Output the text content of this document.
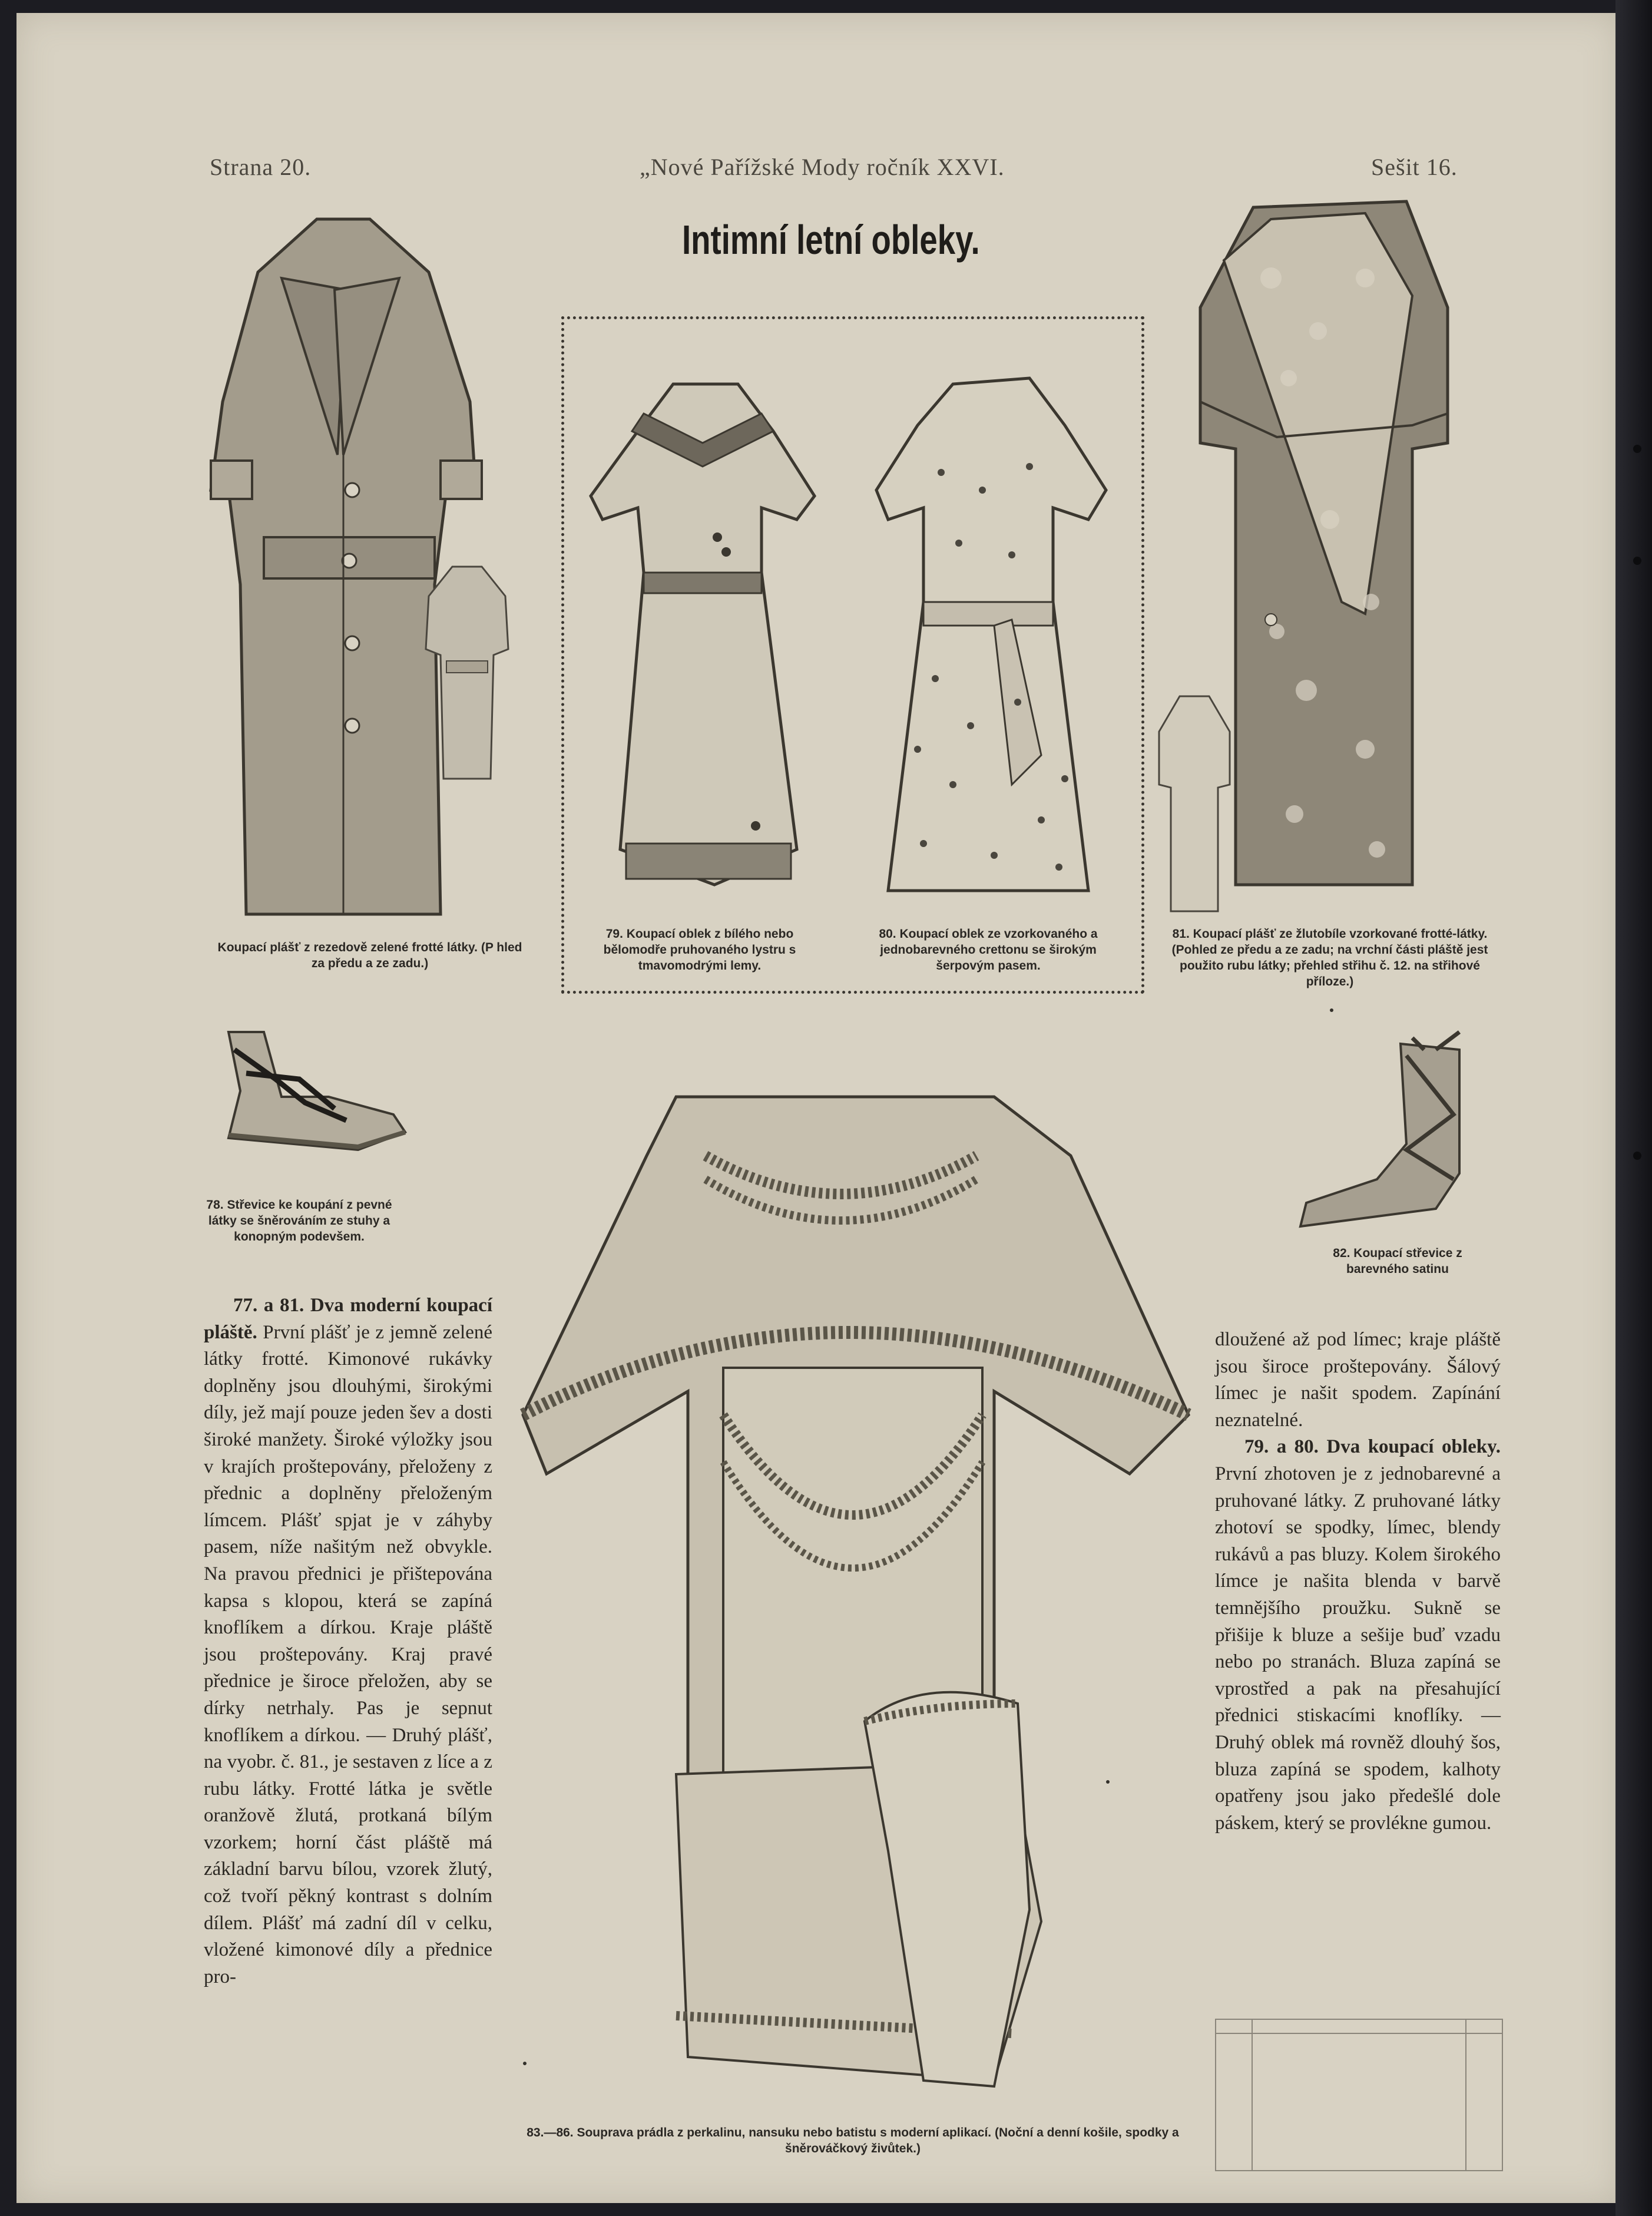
Strana 20.	„Nové Pařížské Mody ročník XXVI.	Sešit 16.
Intimní letní obleky.
Koupací plášť z rezedově zelené frotté látky. (P hled za předu a ze zadu.)
79. Koupací oblek z bílého nebo bělomodře pruhovaného lystru s tmavomodrými lemy.
80. Koupací oblek ze vzorkovaného a jednobarevného crettonu se širokým šerpovým pasem.
81. Koupací plášť ze žlutobíle vzorkované frotté-látky. (Pohled ze předu a ze zadu; na vrchní části pláště jest použito rubu látky; přehled střihu č. 12. na střihové příloze.)
78. Střevice ke koupání z pevné látky se šněrováním ze stuhy a konopným podevšem.
82. Koupací střevice z barevného satinu
83.—86. Souprava prádla z perkalinu, nansuku nebo batistu s moderní aplikací. (Noční a denní košile, spodky a šněrováčkový živůtek.)
77. a 81. Dva moderní koupací pláště. První plášť je z jemně zelené látky frotté. Kimonové rukávky doplněny jsou dlouhými, širokými díly, jež mají pouze jeden šev a dosti široké manžety. Široké výložky jsou v krajích proštepovány, přeloženy z přednic a doplněny přeloženým límcem. Plášť spjat je v záhyby pasem, níže našitým než obvykle. Na pravou přednici je přištepována kapsa s klopou, která se zapíná knoflíkem a dírkou. Kraje pláště jsou proštepovány. Kraj pravé přednice je široce přeložen, aby se dírky netrhaly. Pas je sepnut knoflíkem a dírkou. — Druhý plášť, na vyobr. č. 81., je sestaven z líce a z rubu látky. Frotté látka je světle oranžově žlutá, protkaná bílým vzorkem; horní část pláště má základní barvu bílou, vzorek žlutý, což tvoří pěkný kontrast s dolním dílem. Plášť má zadní díl v celku, vložené kimonové díly a přednice pro-
dloužené až pod límec; kraje pláště jsou široce proštepovány. Šálový límec je našit spodem. Zapínání neznatelné.
79. a 80. Dva koupací obleky. První zhotoven je z jednobarevné a pruhované látky. Z pruhované látky zhotoví se spodky, límec, blendy rukávů a pas bluzy. Kolem širokého límce je našita blenda v barvě temnějšího proužku. Sukně se přišije k bluze a sešije buď vzadu nebo po stranách. Bluza zapíná se vprostřed a pak na přesahující přednici stiskacími knoflíky. — Druhý oblek má rovněž dlouhý šos, bluza zapíná se spodem, kalhoty opatřeny jsou jako předešlé dole páskem, který se provlékne gumou.
